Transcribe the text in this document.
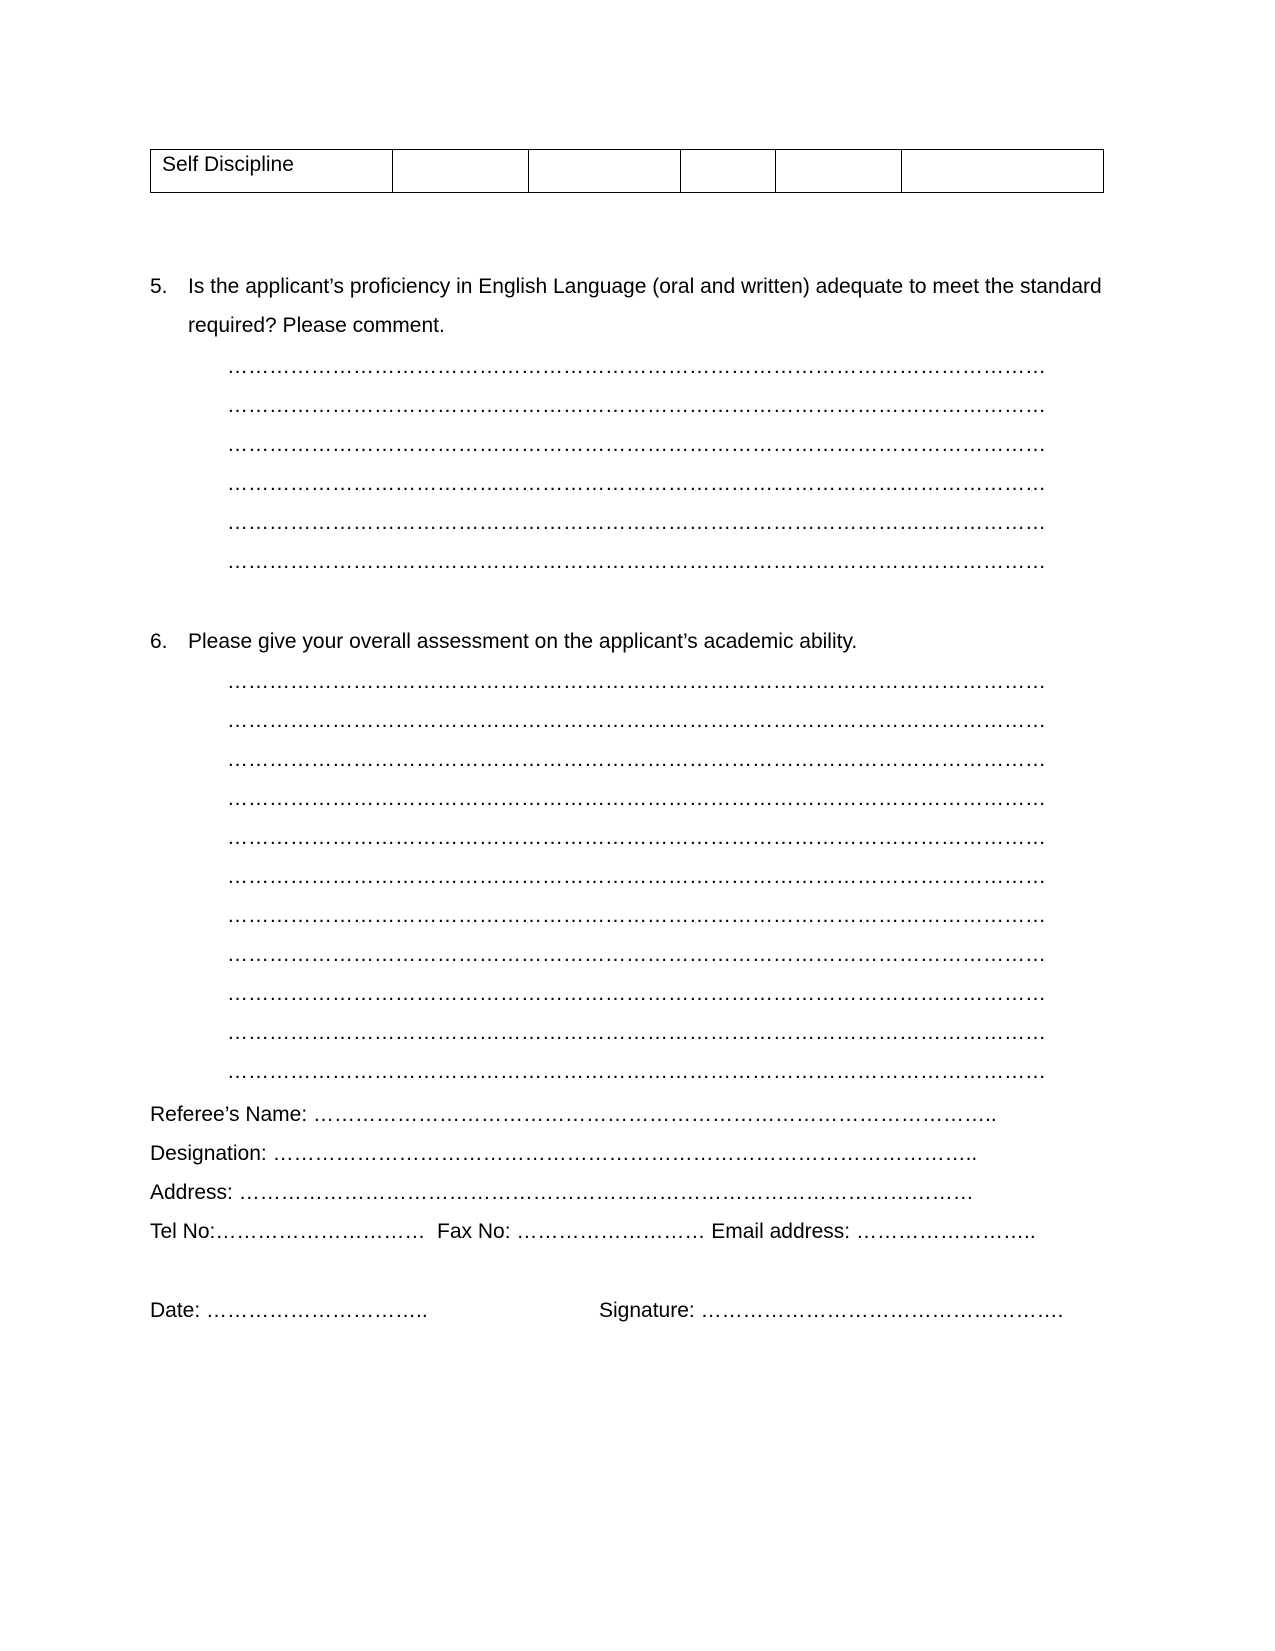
Self Discipline					
5. Is the applicant’s proficiency in English Language (oral and written) adequate to meet the standard required? Please comment.
………………………………………………………………………………………………………
………………………………………………………………………………………………………
………………………………………………………………………………………………………
………………………………………………………………………………………………………
………………………………………………………………………………………………………
………………………………………………………………………………………………………
6. Please give your overall assessment on the applicant’s academic ability.
………………………………………………………………………………………………………
………………………………………………………………………………………………………
………………………………………………………………………………………………………
………………………………………………………………………………………………………
………………………………………………………………………………………………………
………………………………………………………………………………………………………
………………………………………………………………………………………………………
………………………………………………………………………………………………………
………………………………………………………………………………………………………
………………………………………………………………………………………………………
………………………………………………………………………………………………………
Referee’s Name: ……………………………………………………………………………………..
Designation: ………………………………………………………………………………………..
Address: ……………………………………………………………………………………………
Tel No:………………………… Fax No: ……………………… Email address: ……………………..
Date: …………………………..	Signature: …………………………………………….
